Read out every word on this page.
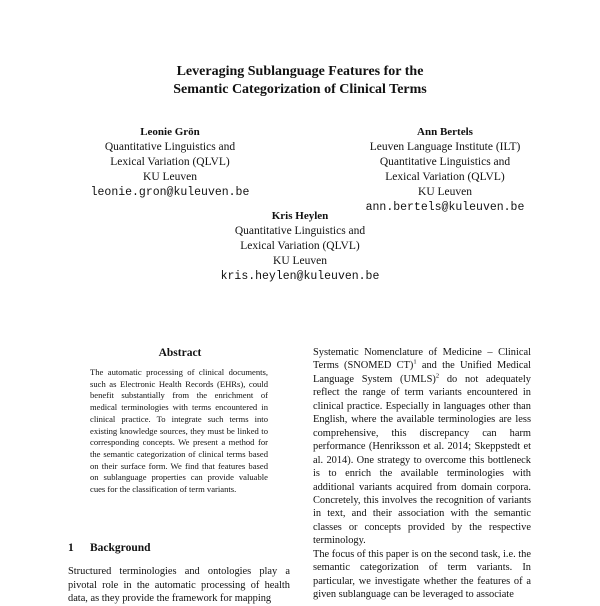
Leveraging Sublanguage Features for the
Semantic Categorization of Clinical Terms
Leonie Grön
Quantitative Linguistics and
Lexical Variation (QLVL)
KU Leuven
leonie.gron@kuleuven.be
Ann Bertels
Leuven Language Institute (ILT)
Quantitative Linguistics and
Lexical Variation (QLVL)
KU Leuven
ann.bertels@kuleuven.be
Kris Heylen
Quantitative Linguistics and
Lexical Variation (QLVL)
KU Leuven
kris.heylen@kuleuven.be
Abstract
The automatic processing of clinical documents, such as Electronic Health Records (EHRs), could benefit substantially from the enrichment of medical terminologies with terms encountered in clinical practice. To integrate such terms into existing knowledge sources, they must be linked to corresponding concepts. We present a method for the semantic categorization of clinical terms based on their surface form. We find that features based on sublanguage properties can provide valuable cues for the classification of term variants.
1 Background
Structured terminologies and ontologies play a pivotal role in the automatic processing of health data, as they provide the framework for mapping

Systematic Nomenclature of Medicine – Clinical Terms (SNOMED CT)$^1$ and the Unified Medical Language System (UMLS)$^2$ do not adequately reflect the range of term variants encountered in clinical practice. Especially in languages other than English, where the available terminologies are less comprehensive, this discrepancy can harm performance (Henriksson et al. 2014; Skeppstedt et al. 2014). One strategy to overcome this bottleneck is to enrich the available terminologies with additional variants acquired from domain corpora. Concretely, this involves the recognition of variants in text, and their association with the semantic classes or concepts provided by the respective terminology.

The focus of this paper is on the second task, i.e. the semantic categorization of term variants. In particular, we investigate whether the features of a given sublanguage can be leveraged to associate
